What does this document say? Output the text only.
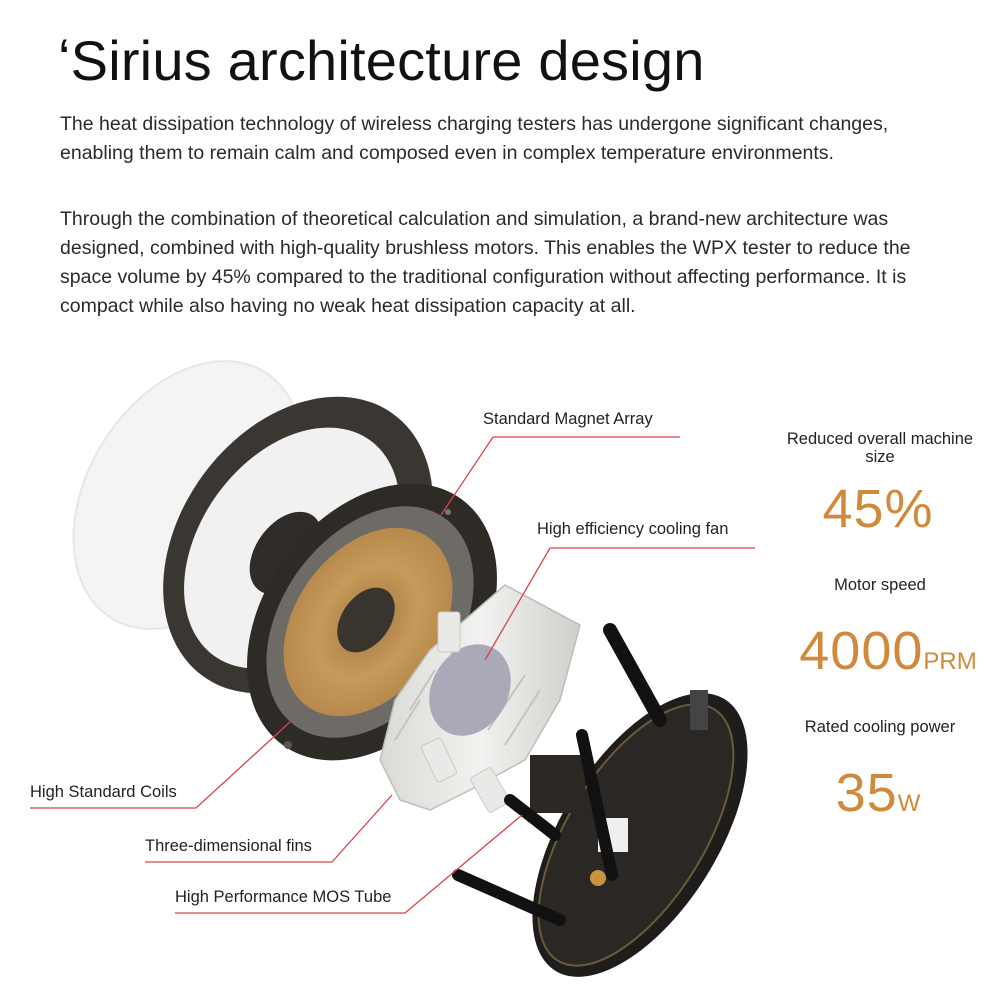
ʻSirius architecture design

The heat dissipation technology of wireless charging testers has undergone significant changes, enabling them to remain calm and composed even in complex temperature environments.

Through the combination of theoretical calculation and simulation, a brand-new architecture was designed, combined with high-quality brushless motors. This enables the WPX tester to reduce the space volume by 45% compared to the traditional configuration without affecting performance. It is compact while also having no weak heat dissipation capacity at all.

Standard Magnet Array
High efficiency cooling fan
High Standard Coils
Three-dimensional fins
High Performance MOS Tube
Reduced overall machine size
45%
Motor speed
4000PRM
Rated cooling power
35W
